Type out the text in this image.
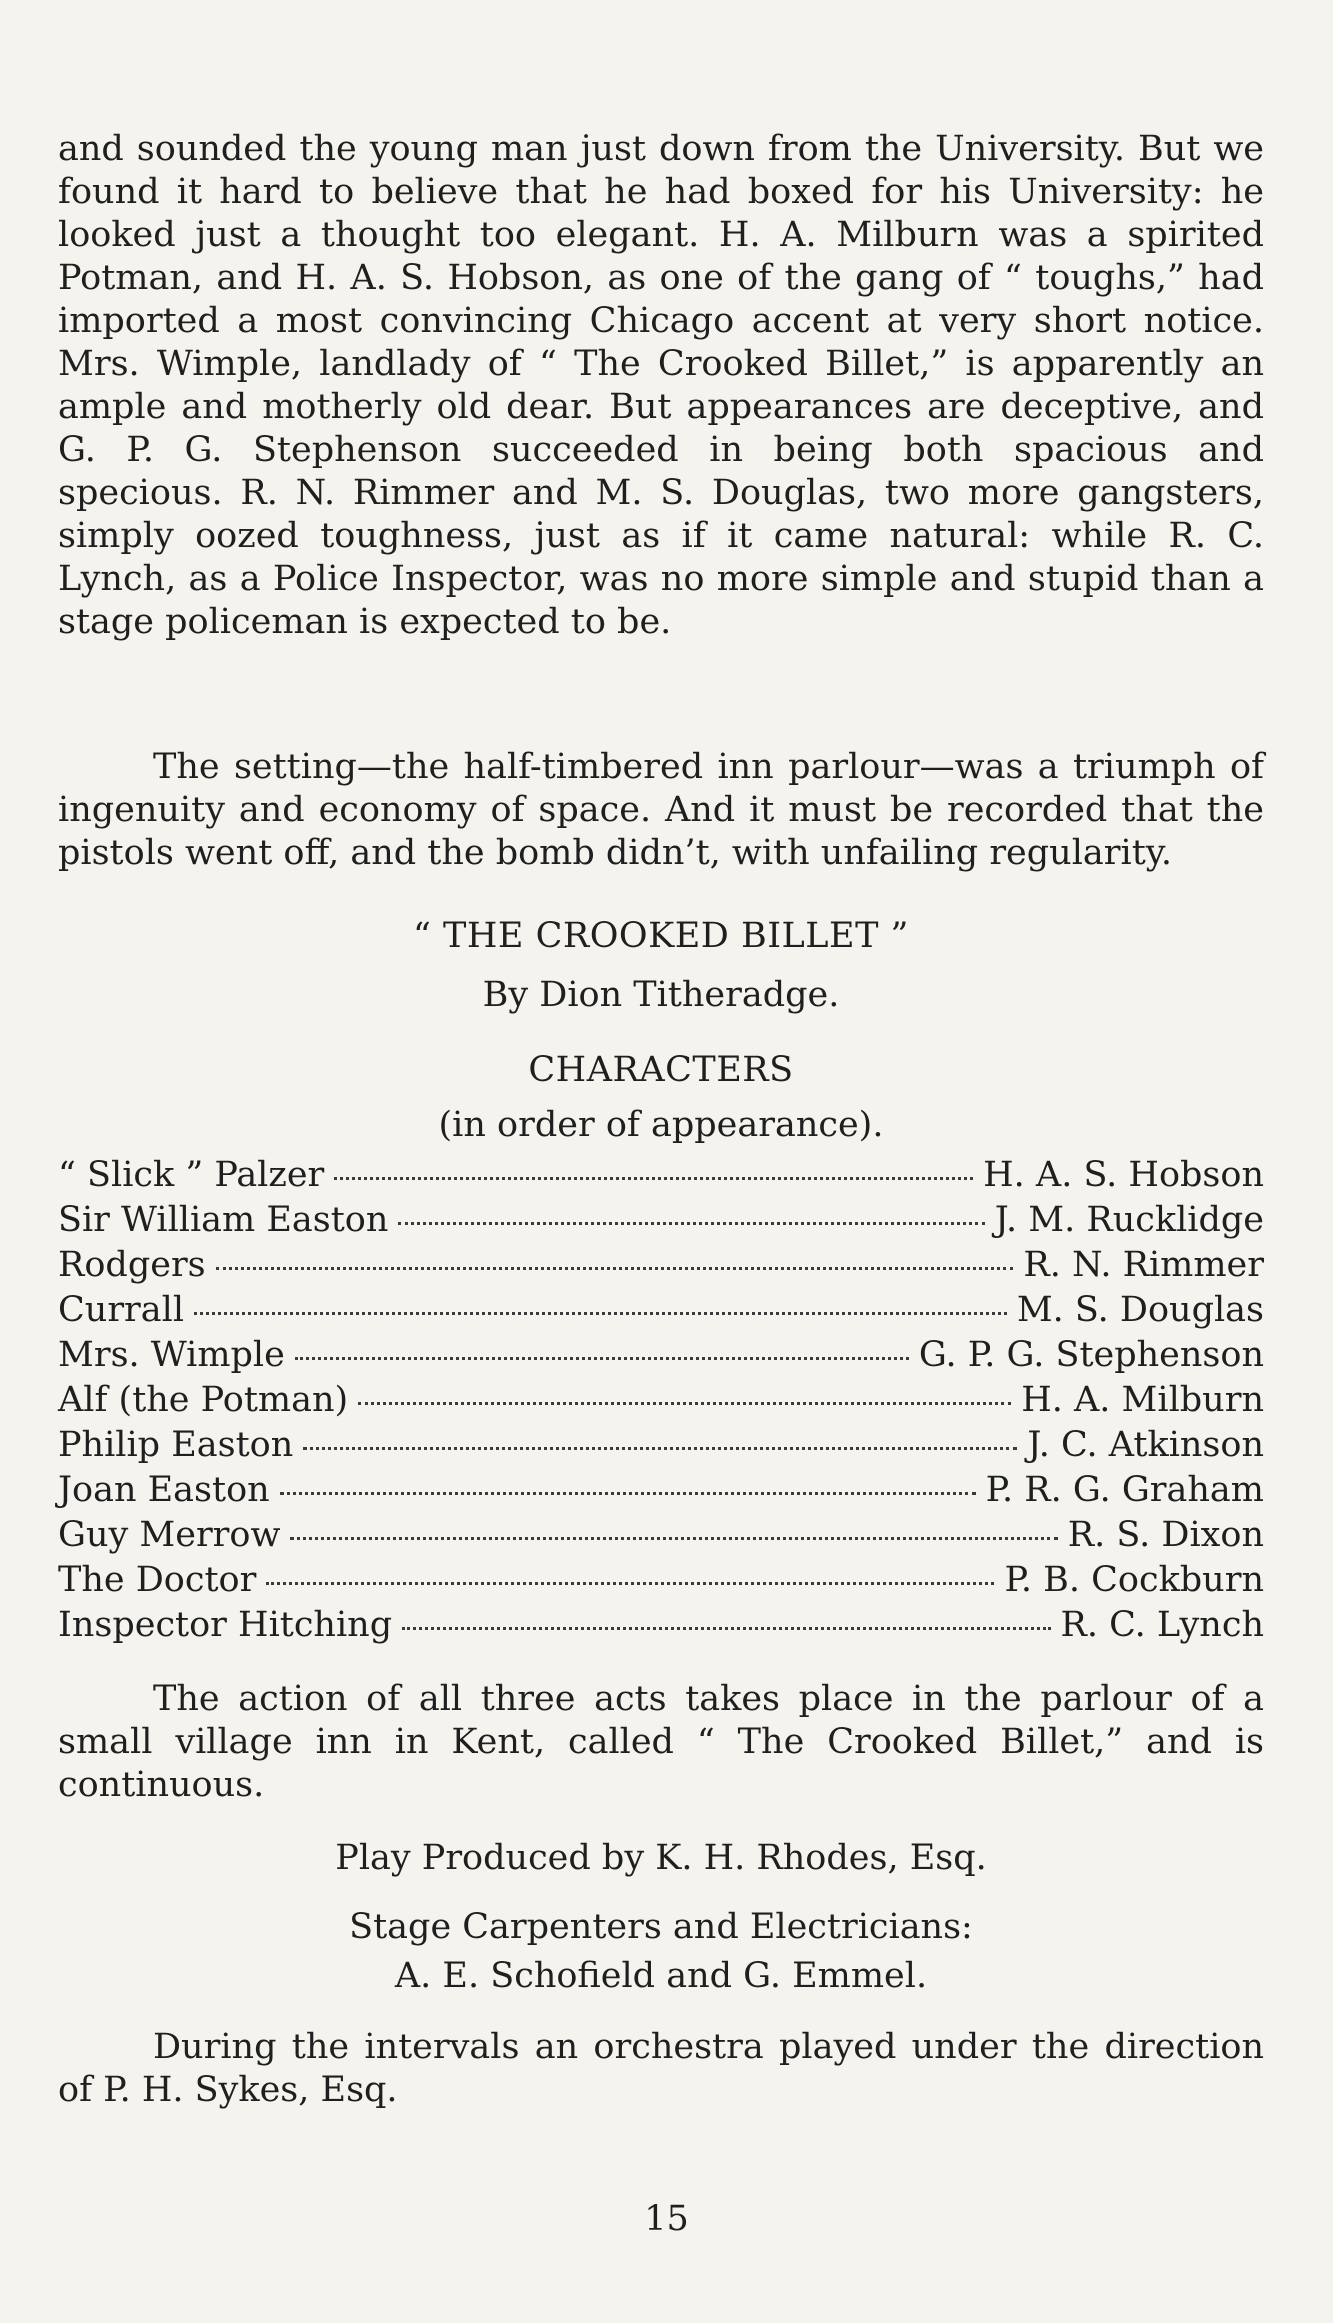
and sounded the young man just down from the University. But we found it hard to believe that he had boxed for his University: he looked just a thought too elegant. H. A. Milburn was a spirited Potman, and H. A. S. Hobson, as one of the gang of “ toughs,” had imported a most convincing Chicago accent at very short notice. Mrs. Wimple, landlady of “ The Crooked Billet,” is apparently an ample and motherly old dear. But appearances are deceptive, and G. P. G. Stephenson succeeded in being both spacious and specious. R. N. Rimmer and M. S. Douglas, two more gangsters, simply oozed toughness, just as if it came natural: while R. C. Lynch, as a Police Inspector, was no more simple and stupid than a stage policeman is expected to be.

The setting—the half-timbered inn parlour—was a triumph of ingenuity and economy of space. And it must be recorded that the pistols went off, and the bomb didn’t, with unfailing regularity.

“ THE CROOKED BILLET ”

By Dion Titheradge.

CHARACTERS

(in order of appearance).

“ Slick ” Palzer	H. A. S. Hobson
Sir William Easton	J. M. Rucklidge
Rodgers	R. N. Rimmer
Currall	M. S. Douglas
Mrs. Wimple	G. P. G. Stephenson
Alf (the Potman)	H. A. Milburn
Philip Easton	J. C. Atkinson
Joan Easton	P. R. G. Graham
Guy Merrow	R. S. Dixon
The Doctor	P. B. Cockburn
Inspector Hitching	R. C. Lynch

The action of all three acts takes place in the parlour of a small village inn in Kent, called “ The Crooked Billet,” and is continuous.

Play Produced by K. H. Rhodes, Esq.

Stage Carpenters and Electricians:

A. E. Schofield and G. Emmel.

During the intervals an orchestra played under the direction of P. H. Sykes, Esq.

15
